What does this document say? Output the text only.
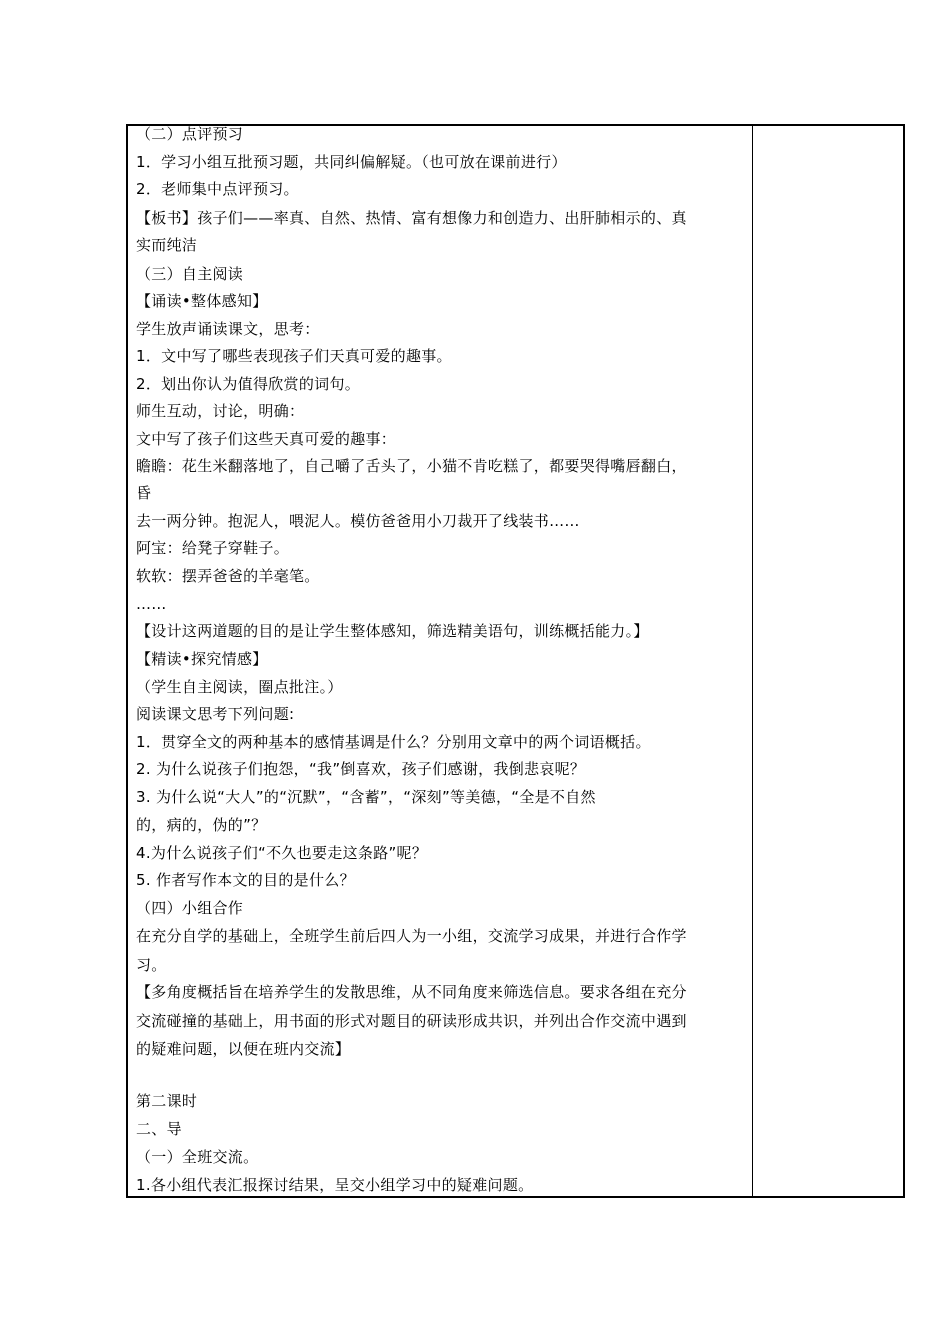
（二）点评预习
1．学习小组互批预习题，共同纠偏解疑。（也可放在课前进行）
2．老师集中点评预习。
【板书】孩子们——率真、自然、热情、富有想像力和创造力、出肝肺相示的、真
实而纯洁
（三）自主阅读
【诵读•整体感知】
学生放声诵读课文，思考：
1．文中写了哪些表现孩子们天真可爱的趣事。
2．划出你认为值得欣赏的词句。
师生互动，讨论，明确：
文中写了孩子们这些天真可爱的趣事：
瞻瞻：花生米翻落地了，自己嚼了舌头了，小猫不肯吃糕了，都要哭得嘴唇翻白，
昏
去一两分钟。抱泥人，喂泥人。模仿爸爸用小刀裁开了线装书……
阿宝：给凳子穿鞋子。
软软：摆弄爸爸的羊毫笔。
……
【设计这两道题的目的是让学生整体感知，筛选精美语句，训练概括能力。】
【精读•探究情感】
（学生自主阅读，圈点批注。）
阅读课文思考下列问题:
1．贯穿全文的两种基本的感情基调是什么？分别用文章中的两个词语概括。
2. 为什么说孩子们抱怨，“我”倒喜欢，孩子们感谢，我倒悲哀呢？
3. 为什么说“大人”的“沉默”，“含蓄”，“深刻”等美德，“全是不自然
的，病的，伪的”？
4.为什么说孩子们“不久也要走这条路”呢？
5. 作者写作本文的目的是什么？
（四）小组合作
在充分自学的基础上，全班学生前后四人为一小组，交流学习成果，并进行合作学
习。
【多角度概括旨在培养学生的发散思维，从不同角度来筛选信息。要求各组在充分
交流碰撞的基础上，用书面的形式对题目的研读形成共识，并列出合作交流中遇到
的疑难问题，以便在班内交流】
第二课时
二、导
（一）全班交流。
1.各小组代表汇报探讨结果，呈交小组学习中的疑难问题。
